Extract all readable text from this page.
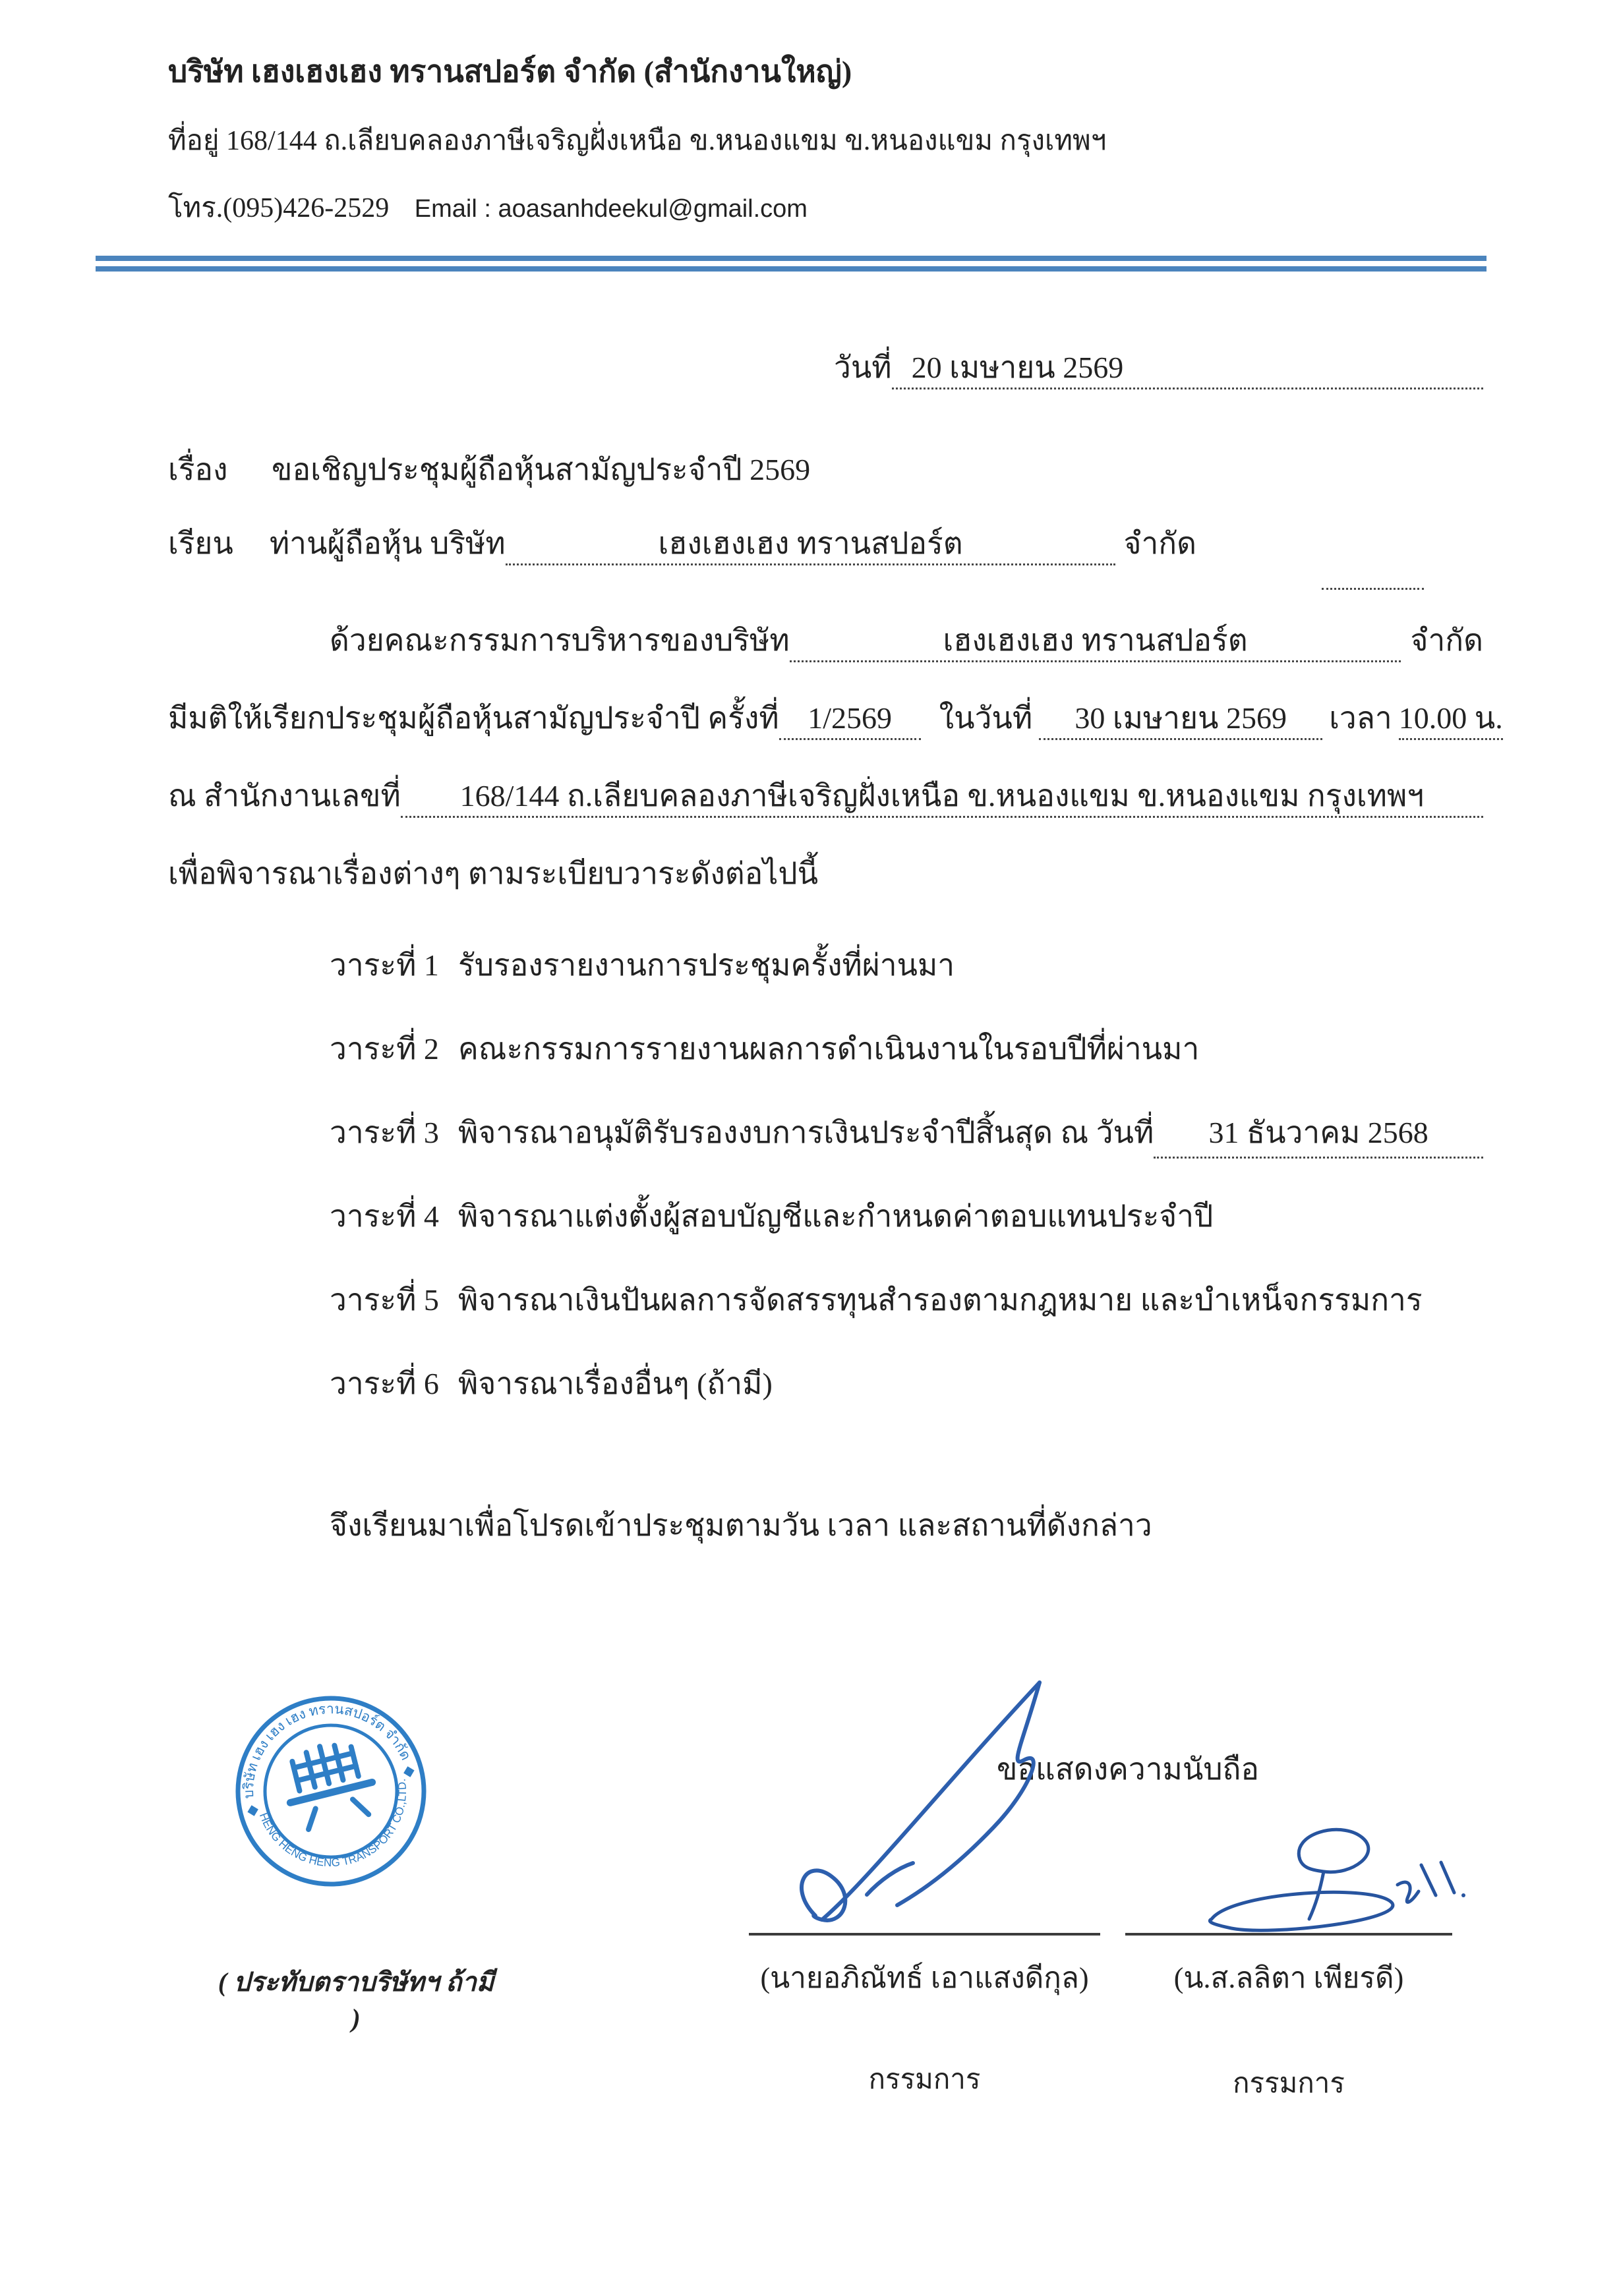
บริษัท เฮงเฮงเฮง ทรานสปอร์ต จำกัด (สำนักงานใหญ่)
ที่อยู่ 168/144 ถ.เลียบคลองภาษีเจริญฝั่งเหนือ ข.หนองแขม ข.หนองแขม กรุงเทพฯ
โทร.(095)426-2529 Email : aoasanhdeekul@gmail.com
วันที่ 20 เมษายน 2569
เรื่อง ขอเชิญประชุมผู้ถือหุ้นสามัญประจำปี 2569
เรียน ท่านผู้ถือหุ้น บริษัท	เฮงเฮงเฮง ทรานสปอร์ต	จำกัด
ด้วยคณะกรรมการบริหารของบริษัท	เฮงเฮงเฮง ทรานสปอร์ต	จำกัด
มีมติให้เรียกประชุมผู้ถือหุ้นสามัญประจำปี ครั้งที่ 1/2569	ในวันที่	30 เมษายน 2569	เวลา 10.00 น.
ณ สำนักงานเลขที่	168/144 ถ.เลียบคลองภาษีเจริญฝั่งเหนือ ข.หนองแขม ข.หนองแขม กรุงเทพฯ
เพื่อพิจารณาเรื่องต่างๆ ตามระเบียบวาระดังต่อไปนี้
วาระที่ 1 รับรองรายงานการประชุมครั้งที่ผ่านมา
วาระที่ 2 คณะกรรมการรายงานผลการดำเนินงานในรอบปีที่ผ่านมา
วาระที่ 3 พิจารณาอนุมัติรับรองงบการเงินประจำปีสิ้นสุด ณ วันที่	31 ธันวาคม 2568
วาระที่ 4 พิจารณาแต่งตั้งผู้สอบบัญชีและกำหนดค่าตอบแทนประจำปี
วาระที่ 5 พิจารณาเงินปันผลการจัดสรรทุนสำรองตามกฎหมาย และบำเหน็จกรรมการ
วาระที่ 6 พิจารณาเรื่องอื่นๆ (ถ้ามี)
จึงเรียนมาเพื่อโปรดเข้าประชุมตามวัน เวลา และสถานที่ดังกล่าว
บริษัท เฮง เฮง เฮง ทรานสปอร์ต จำกัด
HENG HENG HENG TRANSPORT CO.,LTD.
( ประทับตราบริษัทฯ ถ้ามี )
ขอแสดงความนับถือ
(นายอภิณัทธ์ เอาแสงดีกุล)	(น.ส.ลลิตา เพียรดี)
กรรมการ	กรรมการ
